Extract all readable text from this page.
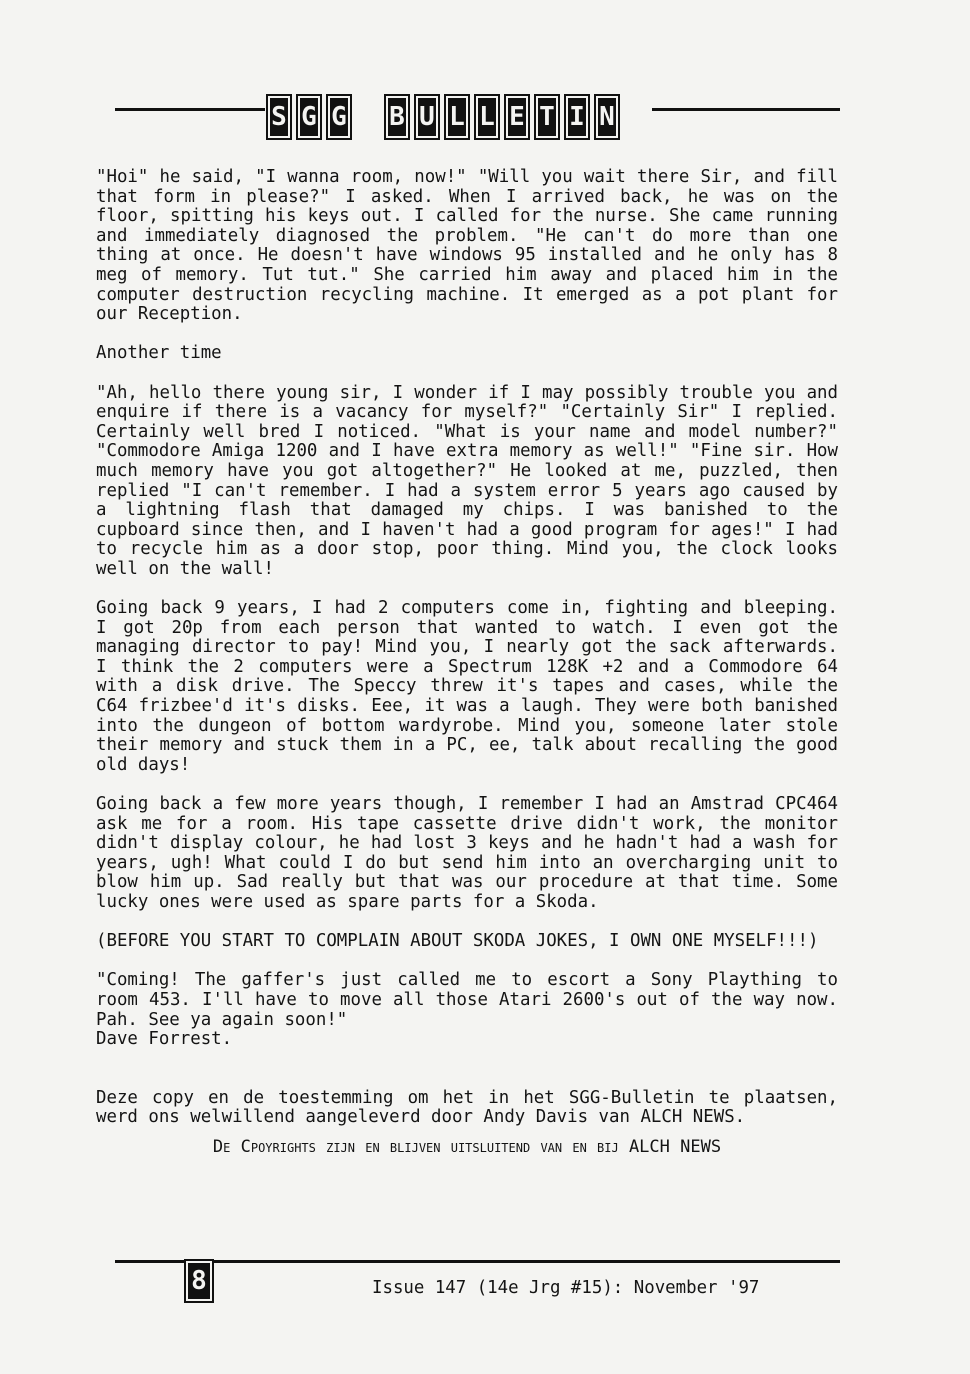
S G G B U L L E T I N

"Hoi" he said, "I wanna room, now!" "Will you wait there Sir, and fill that form in please?" I asked. When I arrived back, he was on the floor, spitting his keys out. I called for the nurse. She came running and immediately diagnosed the problem. "He can't do more than one thing at once. He doesn't have windows 95 installed and he only has 8 meg of memory. Tut tut." She carried him away and placed him in the computer destruction recycling machine. It emerged as a pot plant for our Reception.

Another time

"Ah, hello there young sir, I wonder if I may possibly trouble you and enquire if there is a vacancy for myself?" "Certainly Sir" I replied. Certainly well bred I noticed. "What is your name and model number?" "Commodore Amiga 1200 and I have extra memory as well!" "Fine sir. How much memory have you got altogether?" He looked at me, puzzled, then replied "I can't remember. I had a system error 5 years ago caused by a lightning flash that damaged my chips. I was banished to the cupboard since then, and I haven't had a good program for ages!" I had to recycle him as a door stop, poor thing. Mind you, the clock looks well on the wall!

Going back 9 years, I had 2 computers come in, fighting and bleeping. I got 20p from each person that wanted to watch. I even got the managing director to pay! Mind you, I nearly got the sack afterwards. I think the 2 computers were a Spectrum 128K +2 and a Commodore 64 with a disk drive. The Speccy threw it's tapes and cases, while the C64 frizbee'd it's disks. Eee, it was a laugh. They were both banished into the dungeon of bottom wardyrobe. Mind you, someone later stole their memory and stuck them in a PC, ee, talk about recalling the good old days!

Going back a few more years though, I remember I had an Amstrad CPC464 ask me for a room. His tape cassette drive didn't work, the monitor didn't display colour, he had lost 3 keys and he hadn't had a wash for years, ugh! What could I do but send him into an overcharging unit to blow him up. Sad really but that was our procedure at that time. Some lucky ones were used as spare parts for a Skoda.

(BEFORE YOU START TO COMPLAIN ABOUT SKODA JOKES, I OWN ONE MYSELF!!!)

"Coming! The gaffer's just called me to escort a Sony Plaything to room 453. I'll have to move all those Atari 2600's out of the way now. Pah. See ya again soon!"

Dave Forrest.

Deze copy en de toestemming om het in het SGG-Bulletin te plaatsen, werd ons welwillend aangeleverd door Andy Davis van ALCH NEWS.

De Cpoyrights zijn en blijven uitsluitend van en bij ALCH NEWS

8	Issue 147 (14e Jrg #15): November '97
